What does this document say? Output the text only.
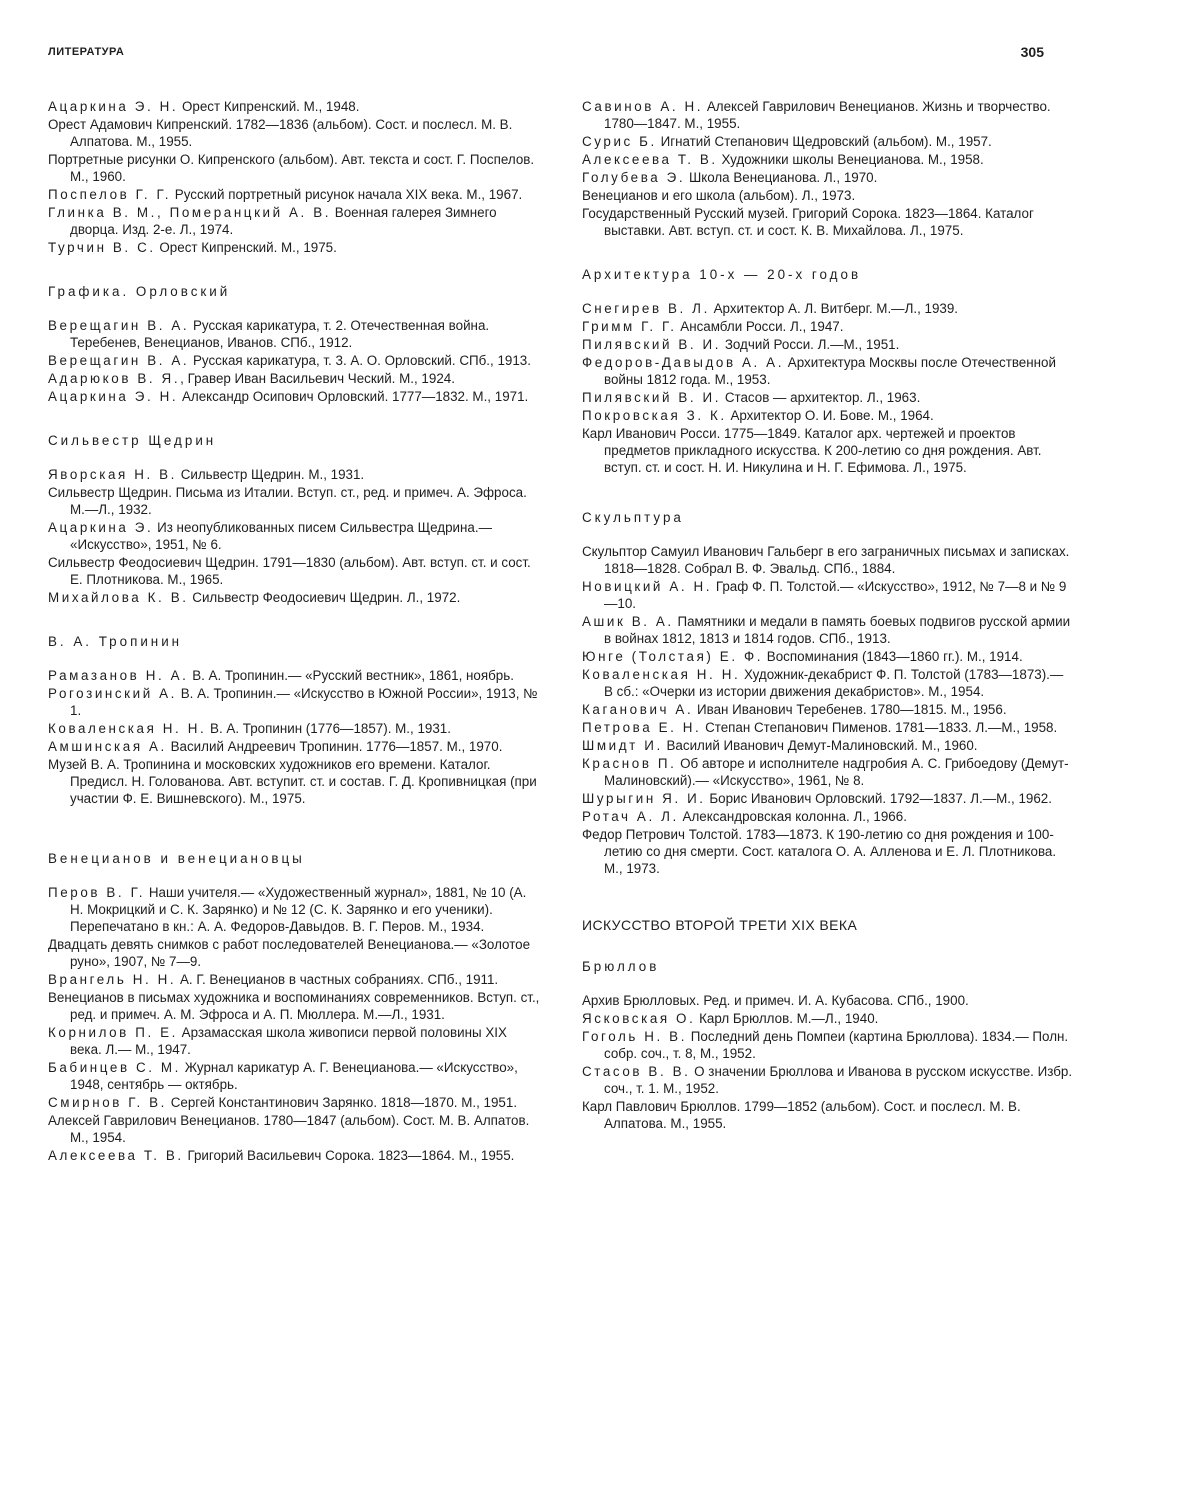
ЛИТЕРАТУРА	305

Ацаркина Э. Н. Орест Кипренский. М., 1948.

Орест Адамович Кипренский. 1782—1836 (альбом). Сост. и послесл. М. В. Алпатова. М., 1955.

Портретные рисунки О. Кипренского (альбом). Авт. текста и сост. Г. Поспелов. М., 1960.

Поспелов Г. Г. Русский портретный рисунок начала XIX века. М., 1967.

Глинка В. М., Померанцкий А. В. Военная галерея Зимнего дворца. Изд. 2-е. Л., 1974.

Турчин В. С. Орест Кипренский. М., 1975.

Графика. Орловский

Верещагин В. А. Русская карикатура, т. 2. Отечественная война. Теребенев, Венецианов, Иванов. СПб., 1912.

Верещагин В. А. Русская карикатура, т. 3. А. О. Орловский. СПб., 1913.

Адарюков В. Я., Гравер Иван Васильевич Ческий. М., 1924.

Ацаркина Э. Н. Александр Осипович Орловский. 1777—1832. М., 1971.

Сильвестр Щедрин

Яворская Н. В. Сильвестр Щедрин. М., 1931.

Сильвестр Щедрин. Письма из Италии. Вступ. ст., ред. и примеч. А. Эфроса. М.—Л., 1932.

Ацаркина Э. Из неопубликованных писем Сильвестра Щедрина.— «Искусство», 1951, № 6.

Сильвестр Феодосиевич Щедрин. 1791—1830 (альбом). Авт. вступ. ст. и сост. Е. Плотникова. М., 1965.

Михайлова К. В. Сильвестр Феодосиевич Щедрин. Л., 1972.

В. А. Тропинин

Рамазанов Н. А. В. А. Тропинин.— «Русский вестник», 1861, ноябрь.

Рогозинский А. В. А. Тропинин.— «Искусство в Южной России», 1913, № 1.

Коваленская Н. Н. В. А. Тропинин (1776—1857). М., 1931.

Амшинская А. Василий Андреевич Тропинин. 1776—1857. М., 1970.

Музей В. А. Тропинина и московских художников его времени. Каталог. Предисл. Н. Голованова. Авт. вступит. ст. и состав. Г. Д. Кропивницкая (при участии Ф. Е. Вишневского). М., 1975.

Венецианов и венециановцы

Перов В. Г. Наши учителя.— «Художественный журнал», 1881, № 10 (А. Н. Мокрицкий и С. К. Зарянко) и № 12 (С. К. Зарянко и его ученики). Перепечатано в кн.: А. А. Федоров-Давыдов. В. Г. Перов. М., 1934.

Двадцать девять снимков с работ последователей Венецианова.— «Золотое руно», 1907, № 7—9.

Врангель Н. Н. А. Г. Венецианов в частных собраниях. СПб., 1911.

Венецианов в письмах художника и воспоминаниях современников. Вступ. ст., ред. и примеч. А. М. Эфроса и А. П. Мюллера. М.—Л., 1931.

Корнилов П. Е. Арзамасская школа живописи первой половины XIX века. Л.— М., 1947.

Бабинцев С. М. Журнал карикатур А. Г. Венецианова.— «Искусство», 1948, сентябрь — октябрь.

Смирнов Г. В. Сергей Константинович Зарянко. 1818—1870. М., 1951.

Алексей Гаврилович Венецианов. 1780—1847 (альбом). Сост. М. В. Алпатов. М., 1954.

Алексеева Т. В. Григорий Васильевич Сорока. 1823—1864. М., 1955.

Савинов А. Н. Алексей Гаврилович Венецианов. Жизнь и творчество. 1780—1847. М., 1955.

Сурис Б. Игнатий Степанович Щедровский (альбом). М., 1957.

Алексеева Т. В. Художники школы Венецианова. М., 1958.

Голубева Э. Школа Венецианова. Л., 1970.

Венецианов и его школа (альбом). Л., 1973.

Государственный Русский музей. Григорий Сорока. 1823—1864. Каталог выставки. Авт. вступ. ст. и сост. К. В. Михайлова. Л., 1975.

Архитектура 10-х — 20-х годов

Снегирев В. Л. Архитектор А. Л. Витберг. М.—Л., 1939.

Гримм Г. Г. Ансамбли Росси. Л., 1947.

Пилявский В. И. Зодчий Росси. Л.—М., 1951.

Федоров-Давыдов А. А. Архитектура Москвы после Отечественной войны 1812 года. М., 1953.

Пилявский В. И. Стасов — архитектор. Л., 1963.

Покровская З. К. Архитектор О. И. Бове. М., 1964.

Карл Иванович Росси. 1775—1849. Каталог арх. чертежей и проектов предметов прикладного искусства. К 200-летию со дня рождения. Авт. вступ. ст. и сост. Н. И. Никулина и Н. Г. Ефимова. Л., 1975.

Скульптура

Скульптор Самуил Иванович Гальберг в его заграничных письмах и записках. 1818—1828. Собрал В. Ф. Эвальд. СПб., 1884.

Новицкий А. Н. Граф Ф. П. Толстой.— «Искусство», 1912, № 7—8 и № 9—10.

Ашик В. А. Памятники и медали в память боевых подвигов русской армии в войнах 1812, 1813 и 1814 годов. СПб., 1913.

Юнге (Толстая) Е. Ф. Воспоминания (1843—1860 гг.). М., 1914.

Коваленская Н. Н. Художник-декабрист Ф. П. Толстой (1783—1873).— В сб.: «Очерки из истории движения декабристов». М., 1954.

Каганович А. Иван Иванович Теребенев. 1780—1815. М., 1956.

Петрова Е. Н. Степан Степанович Пименов. 1781—1833. Л.—М., 1958.

Шмидт И. Василий Иванович Демут-Малиновский. М., 1960.

Краснов П. Об авторе и исполнителе надгробия А. С. Грибоедову (Демут-Малиновский).— «Искусство», 1961, № 8.

Шурыгин Я. И. Борис Иванович Орловский. 1792—1837. Л.—М., 1962.

Ротач А. Л. Александровская колонна. Л., 1966.

Федор Петрович Толстой. 1783—1873. К 190-летию со дня рождения и 100-летию со дня смерти. Сост. каталога О. А. Алленова и Е. Л. Плотникова. М., 1973.

ИСКУССТВО ВТОРОЙ ТРЕТИ XIX ВЕКА
Брюллов

Архив Брюлловых. Ред. и примеч. И. А. Кубасова. СПб., 1900.

Ясковская О. Карл Брюллов. М.—Л., 1940.

Гоголь Н. В. Последний день Помпеи (картина Брюллова). 1834.— Полн. собр. соч., т. 8, М., 1952.

Стасов В. В. О значении Брюллова и Иванова в русском искусстве. Избр. соч., т. 1. М., 1952.

Карл Павлович Брюллов. 1799—1852 (альбом). Сост. и послесл. М. В. Алпатова. М., 1955.
